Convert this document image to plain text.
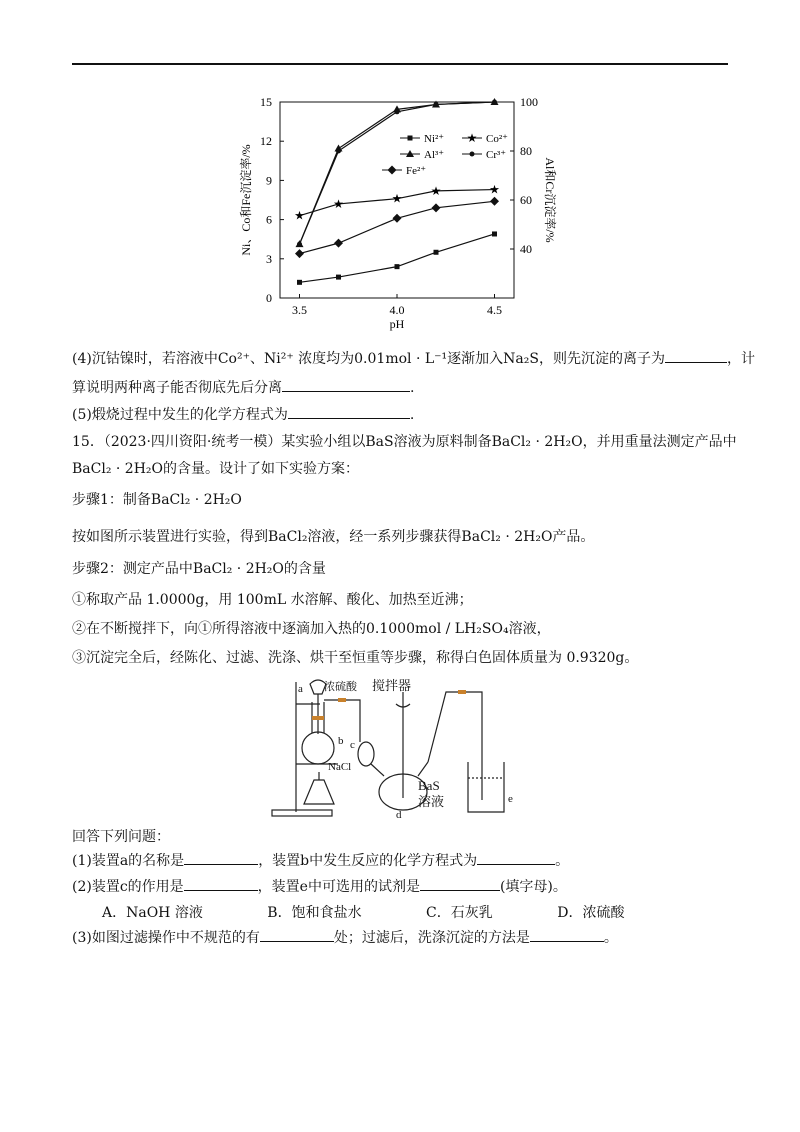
0
3
6
9
12
15
40
60
80
100
3.5	4.0	4.5
pH
Ni、Co和Fe沉淀率/%	Al和Cr沉淀率/%
★
★	★
★	★
Ni²⁺ ★ Co²⁺
Al³⁺	Cr³⁺
Fe²⁺
(4)沉钴镍时，若溶液中Co²⁺、Ni²⁺ 浓度均为0.01mol · L⁻¹逐渐加入Na₂S，则先沉淀的离子为	，计
算说明两种离子能否彻底先后分离	.
(5)煅烧过程中发生的化学方程式为	.
15．（2023·四川资阳·统考一模）某实验小组以BaS溶液为原料制备BaCl₂ · 2H₂O，并用重量法测定产品中
BaCl₂ · 2H₂O的含量。设计了如下实验方案：
步骤1：制备BaCl₂ · 2H₂O
按如图所示装置进行实验，得到BaCl₂溶液，经一系列步骤获得BaCl₂ · 2H₂O产品。
步骤2：测定产品中BaCl₂ · 2H₂O的含量
①称取产品 1.0000g，用 100mL 水溶解、酸化、加热至近沸；
②在不断搅拌下，向①所得溶液中逐滴加入热的0.1000mol / LH₂SO₄溶液，
③沉淀完全后，经陈化、过滤、洗涤、烘干至恒重等步骤，称得白色固体质量为 0.9320g。
a 浓硫酸
b c
NaCl
搅拌器
BaS
溶液
d
e
回答下列问题：
(1)装置a的名称是	，装置b中发生反应的化学方程式为	。
(2)装置c的作用是	，装置e中可选用的试剂是	(填字母)。
A．NaOH 溶液	B．饱和食盐水	C．石灰乳	D．浓硫酸
(3)如图过滤操作中不规范的有	处；过滤后，洗涤沉淀的方法是	。
